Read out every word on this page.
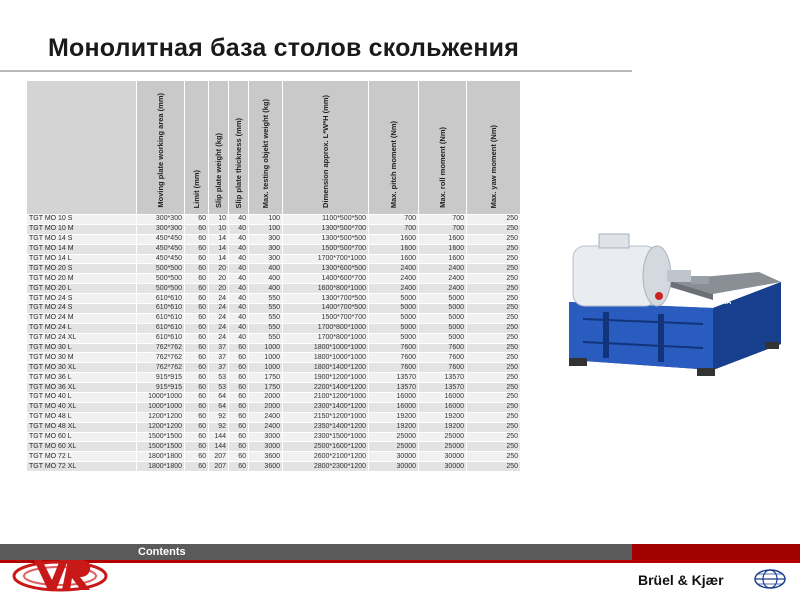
Монолитная база столов скольжения

	Moving plate working area (mm)	Limit (mm)	Slip plate weight (kg)	Slip plate thickness (mm)	Max. testing objekt weight (kg)	Dimension approx. L*W*H (mm)	Max. pitch moment (Nm)	Max. roll moment (Nm)	Max. yaw moment (Nm)

TGT MO 10 S	300*300	60	10	40	100	1100*500*500	700	700	250
TGT MO 10 M	300*300	60	10	40	100	1300*500*700	700	700	250
TGT MO 14 S	450*450	60	14	40	300	1300*500*500	1600	1600	250
TGT MO 14 M	450*450	60	14	40	300	1500*500*700	1600	1600	250
TGT MO 14 L	450*450	60	14	40	300	1700*700*1000	1600	1600	250
TGT MO 20 S	500*500	60	20	40	400	1300*600*500	2400	2400	250
TGT MO 20 M	500*500	60	20	40	400	1400*600*700	2400	2400	250
TGT MO 20 L	500*500	60	20	40	400	1600*800*1000	2400	2400	250
TGT MO 24 S	610*610	60	24	40	550	1300*700*500	5000	5000	250
TGT MO 24 S	610*610	60	24	40	550	1400*700*500	5000	5000	250
TGT MO 24 M	610*610	60	24	40	550	1500*700*700	5000	5000	250
TGT MO 24 L	610*610	60	24	40	550	1700*800*1000	5000	5000	250
TGT MO 24 XL	610*610	60	24	40	550	1700*800*1000	5000	5000	250
TGT MO 30 L	762*762	60	37	60	1000	1800*1000*1000	7600	7600	250
TGT MO 30 M	762*762	60	37	60	1000	1800*1000*1000	7600	7600	250
TGT MO 30 XL	762*762	60	37	60	1000	1800*1400*1200	7600	7600	250
TGT MO 36 L	915*915	60	53	60	1750	1900*1200*1000	13570	13570	250
TGT MO 36 XL	915*915	60	53	60	1750	2200*1400*1200	13570	13570	250
TGT MO 40 L	1000*1000	60	64	60	2000	2100*1200*1000	16000	16000	250
TGT MO 40 XL	1000*1000	60	64	60	2000	2300*1400*1200	16000	16000	250
TGT MO 48 L	1200*1200	60	92	60	2400	2150*1200*1000	19200	19200	250
TGT MO 48 XL	1200*1200	60	92	60	2400	2350*1400*1200	19200	19200	250
TGT MO 60 L	1500*1500	60	144	60	3000	2300*1500*1000	25000	25000	250
TGT MO 60 XL	1500*1500	60	144	60	3000	2500*1600*1200	25000	25000	250
TGT MO 72 L	1800*1800	60	207	60	3600	2600*2100*1200	30000	30000	250
TGT MO 72 XL	1800*1800	60	207	60	3600	2800*2300*1200	30000	30000	250
TIRA
Contents
Brüel & Kjær
